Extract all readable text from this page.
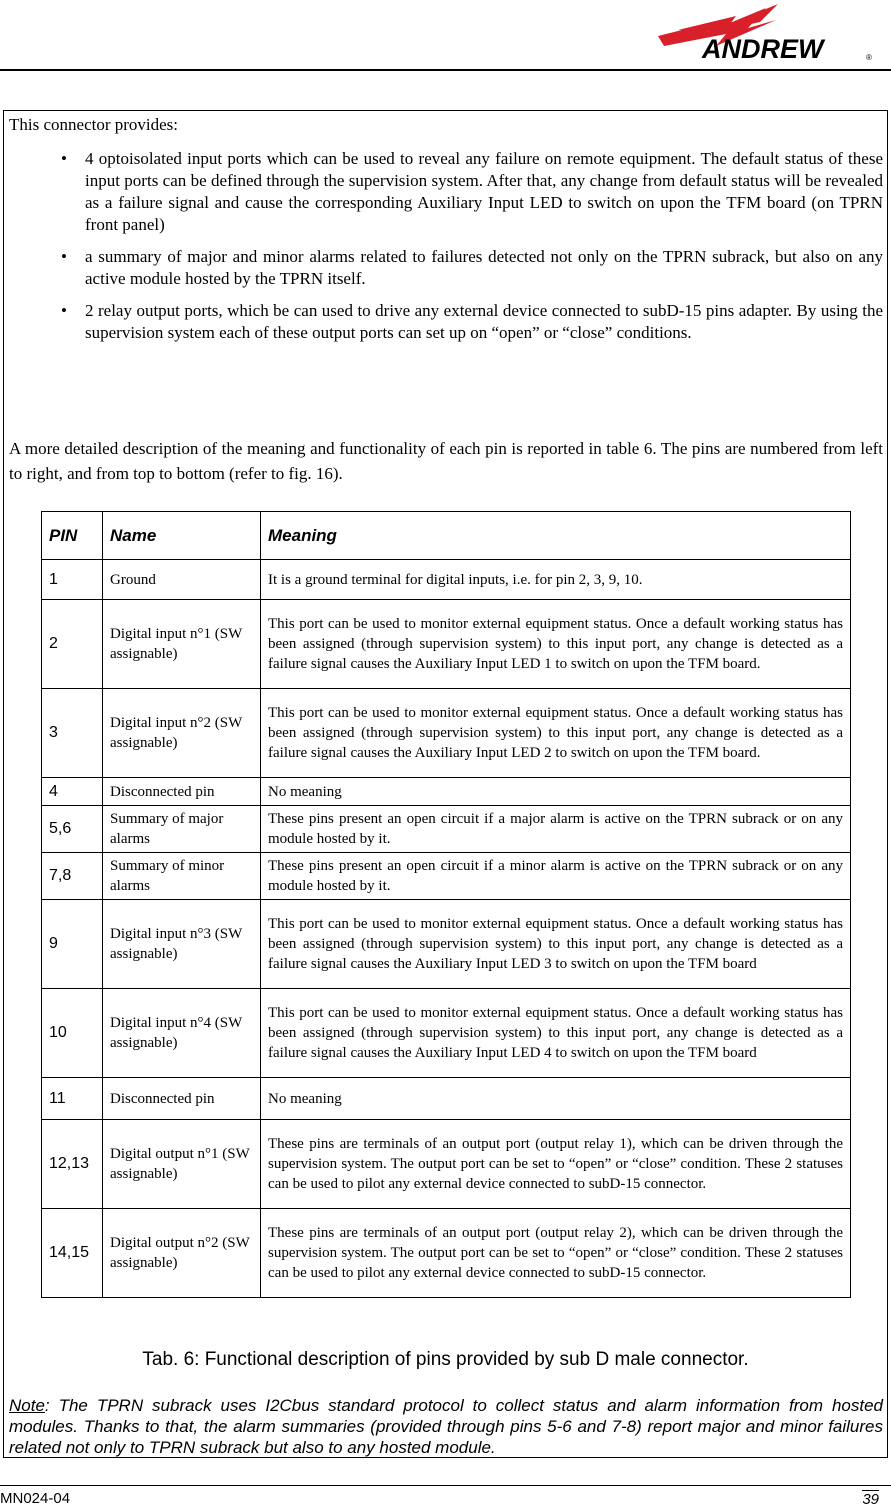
ANDREW	®
This connector provides:
• 4 optoisolated input ports which can be used to reveal any failure on remote equipment. The default status of these input ports can be defined through the supervision system. After that, any change from default status will be revealed as a failure signal and cause the corresponding Auxiliary Input LED to switch on upon the TFM board (on TPRN front panel)
• a summary of major and minor alarms related to failures detected not only on the TPRN subrack, but also on any active module hosted by the TPRN itself.
• 2 relay output ports, which be can used to drive any external device connected to subD-15 pins adapter. By using the supervision system each of these output ports can set up on “open” or “close” conditions.
A more detailed description of the meaning and functionality of each pin is reported in table 6. The pins are numbered from left to right, and from top to bottom (refer to fig. 16).
PIN	Name	Meaning
1	Ground	It is a ground terminal for digital inputs, i.e. for pin 2, 3, 9, 10.
2	Digital input n°1 (SW assignable)	This port can be used to monitor external equipment status. Once a default working status has been assigned (through supervision system) to this input port, any change is detected as a failure signal causes the Auxiliary Input LED 1 to switch on upon the TFM board.
3	Digital input n°2 (SW assignable)	This port can be used to monitor external equipment status. Once a default working status has been assigned (through supervision system) to this input port, any change is detected as a failure signal causes the Auxiliary Input LED 2 to switch on upon the TFM board.
4	Disconnected pin	No meaning
5,6	Summary of major alarms	These pins present an open circuit if a major alarm is active on the TPRN subrack or on any module hosted by it.
7,8	Summary of minor alarms	These pins present an open circuit if a minor alarm is active on the TPRN subrack or on any module hosted by it.
9	Digital input n°3 (SW assignable)	This port can be used to monitor external equipment status. Once a default working status has been assigned (through supervision system) to this input port, any change is detected as a failure signal causes the Auxiliary Input LED 3 to switch on upon the TFM board
10	Digital input n°4 (SW assignable)	This port can be used to monitor external equipment status. Once a default working status has been assigned (through supervision system) to this input port, any change is detected as a failure signal causes the Auxiliary Input LED 4 to switch on upon the TFM board
11	Disconnected pin	No meaning
12,13	Digital output n°1 (SW assignable)	These pins are terminals of an output port (output relay 1), which can be driven through the supervision system. The output port can be set to “open” or “close” condition. These 2 statuses can be used to pilot any external device connected to subD-15 connector.
14,15	Digital output n°2 (SW assignable)	These pins are terminals of an output port (output relay 2), which can be driven through the supervision system. The output port can be set to “open” or “close” condition. These 2 statuses can be used to pilot any external device connected to subD-15 connector.
Tab. 6: Functional description of pins provided by sub D male connector.
Note: The TPRN subrack uses I2Cbus standard protocol to collect status and alarm information from hosted modules. Thanks to that, the alarm summaries (provided through pins 5-6 and 7-8) report major and minor failures related not only to TPRN subrack but also to any hosted module.
MN024-04	39
